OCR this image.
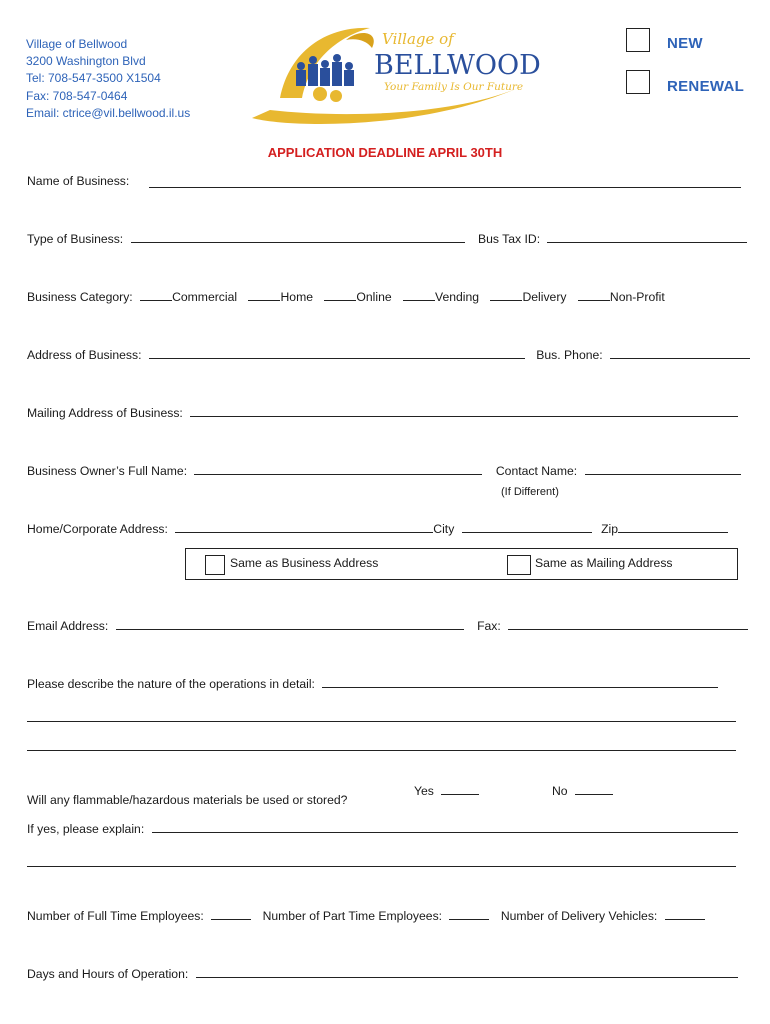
Village of Bellwood
3200 Washington Blvd
Tel: 708-547-3500 X1504
Fax: 708-547-0464
Email: ctrice@vil.bellwood.il.us
Village of
BELLWOOD
Your Family Is Our Future
NEW
RENEWAL
APPLICATION DEADLINE APRIL 30TH
Name of Business:
Type of Business:	Bus Tax ID:
Business Category:	Commercial	Home	Online	Vending	Delivery	Non-Profit
Address of Business:	Bus. Phone:
Mailing Address of Business:
Business Owner’s Full Name:	Contact Name:
(If Different)
Home/Corporate Address:	City	Zip
Same as Business Address	Same as Mailing Address
Email Address:	Fax:
Please describe the nature of the operations in detail:
Will any flammable/hazardous materials be used or stored?
Yes	No
If yes, please explain:
Number of Full Time Employees:	Number of Part Time Employees:	Number of Delivery Vehicles:
Days and Hours of Operation:
